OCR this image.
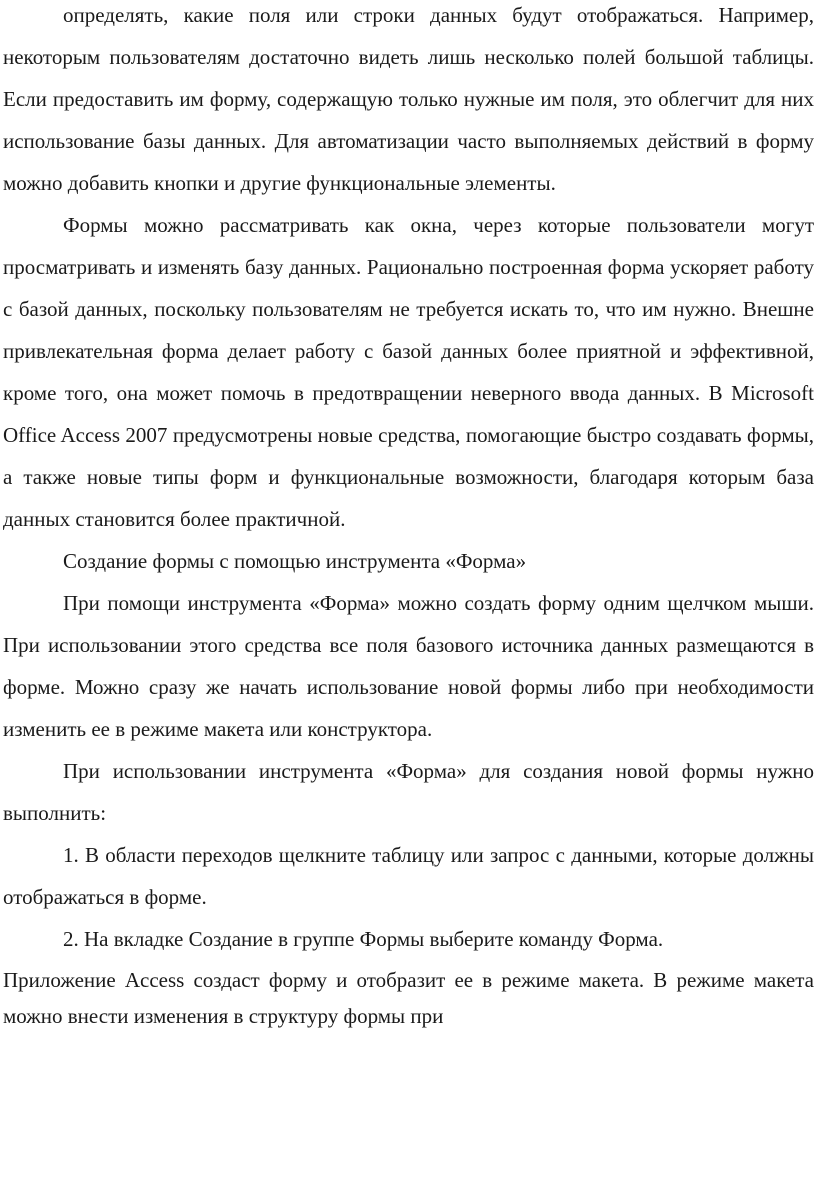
определять, какие поля или строки данных будут отображаться. Например, некоторым пользователям достаточно видеть лишь несколько полей большой таблицы. Если предоставить им форму, содержащую только нужные им поля, это облегчит для них использование базы данных. Для автоматизации часто выполняемых действий в форму можно добавить кнопки и другие функциональные элементы.

Формы можно рассматривать как окна, через которые пользователи могут просматривать и изменять базу данных. Рационально построенная форма ускоряет работу с базой данных, поскольку пользователям не требуется искать то, что им нужно. Внешне привлекательная форма делает работу с базой данных более приятной и эффективной, кроме того, она может помочь в предотвращении неверного ввода данных. В Microsoft Office Access 2007 предусмотрены новые средства, помогающие быстро создавать формы, а также новые типы форм и функциональные возможности, благодаря которым база данных становится более практичной.

Создание формы с помощью инструмента «Форма»

При помощи инструмента «Форма» можно создать форму одним щелчком мыши. При использовании этого средства все поля базового источника данных размещаются в форме. Можно сразу же начать использование новой формы либо при необходимости изменить ее в режиме макета или конструктора.

При использовании инструмента «Форма» для создания новой формы нужно выполнить:

1. В области переходов щелкните таблицу или запрос с данными, которые должны отображаться в форме.

2. На вкладке Создание в группе Формы выберите команду Форма.

Приложение Access создаст форму и отобразит ее в режиме макета. В режиме макета можно внести изменения в структуру формы при
